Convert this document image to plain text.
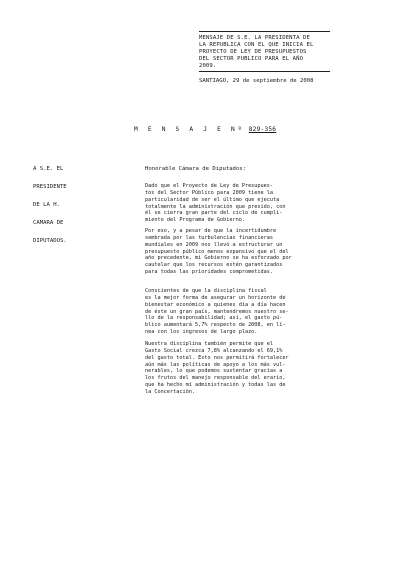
MENSAJE DE S.E. LA PRESIDENTA DE
LA REPUBLICA CON EL QUE INICIA EL
PROYECTO DE LEY DE PRESUPUESTOS
DEL SECTOR PUBLICO PARA EL AÑO
2009.
SANTIAGO, 29 de septiembre de 2008
M E N S A J E Nº 829-356
A S.E. EL
PRESIDENTE
DE LA H.
CAMARA DE
DIPUTADOS.
Honorable Cámara de Diputados:
Dado que el Proyecto de Ley de Presupues-
tos del Sector Público para 2009 tiene la
particularidad de ser el último que ejecuta
totalmente la administración que presido, con
él se cierra gran parte del ciclo de cumpli-
miento del Programa de Gobierno.
Por eso, y a pesar de que la incertidumbre
sembrada por las turbulencias financieras
mundiales en 2009 nos llevó a estructurar un
presupuesto público menos expansivo que el del
año precedente, mi Gobierno se ha esforzado por
cautelar que los recursos estén garantizados
para todas las prioridades comprometidas.
Conscientes de que la disciplina fiscal
es la mejor forma de asegurar un horizonte de
bienestar económico a quienes día a día hacen
de éste un gran país, mantendremos nuestro se-
llo de la responsabilidad; así, el gasto pú-
blico aumentará 5,7% respecto de 2008, en lí-
nea con los ingresos de largo plazo.
Nuestra disciplina también permite que el
Gasto Social crezca 7,8% alcanzando el 69,1%
del gasto total. Esto nos permitirá fortalecer
aún más las políticas de apoyo a los más vul-
nerables, lo que podemos sustentar gracias a
los frutos del manejo responsable del erario,
que ha hecho mi administración y todas las de
la Concertación.
